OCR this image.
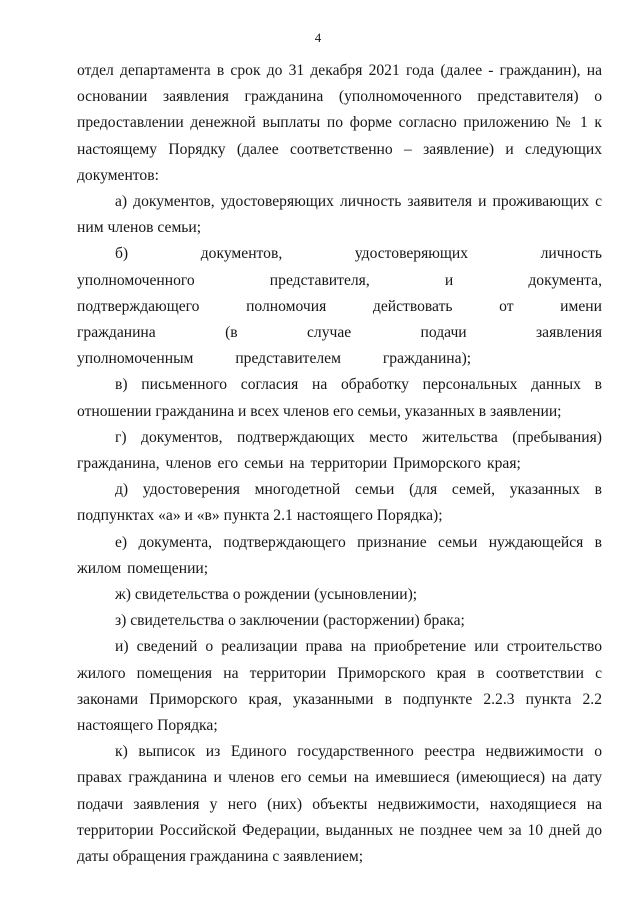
4

отдел департамента в срок до 31 декабря 2021 года (далее - гражданин), на основании заявления гражданина (уполномоченного представителя) о предоставлении денежной выплаты по форме согласно приложению № 1 к настоящему Порядку (далее соответственно – заявление) и следующих документов:

а) документов, удостоверяющих личность заявителя и проживающих с ним членов семьи;

б) документов, удостоверяющих личность уполномоченного представителя, и документа, подтверждающего полномочия действовать от имени гражданина (в случае подачи заявления уполномоченным представителем гражданина);

в) письменного согласия на обработку персональных данных в отношении гражданина и всех членов его семьи, указанных в заявлении;

г) документов, подтверждающих место жительства (пребывания) гражданина, членов его семьи на территории Приморского края;

д) удостоверения многодетной семьи (для семей, указанных в подпунктах «а» и «в» пункта 2.1 настоящего Порядка);

е) документа, подтверждающего признание семьи нуждающейся в жилом помещении;

ж) свидетельства о рождении (усыновлении);

з) свидетельства о заключении (расторжении) брака;

и) сведений о реализации права на приобретение или строительство жилого помещения на территории Приморского края в соответствии с законами Приморского края, указанными в подпункте 2.2.3 пункта 2.2 настоящего Порядка;

к) выписок из Единого государственного реестра недвижимости о правах гражданина и членов его семьи на имевшиеся (имеющиеся) на дату подачи заявления у него (них) объекты недвижимости, находящиеся на территории Российской Федерации, выданных не позднее чем за 10 дней до даты обращения гражданина с заявлением;
